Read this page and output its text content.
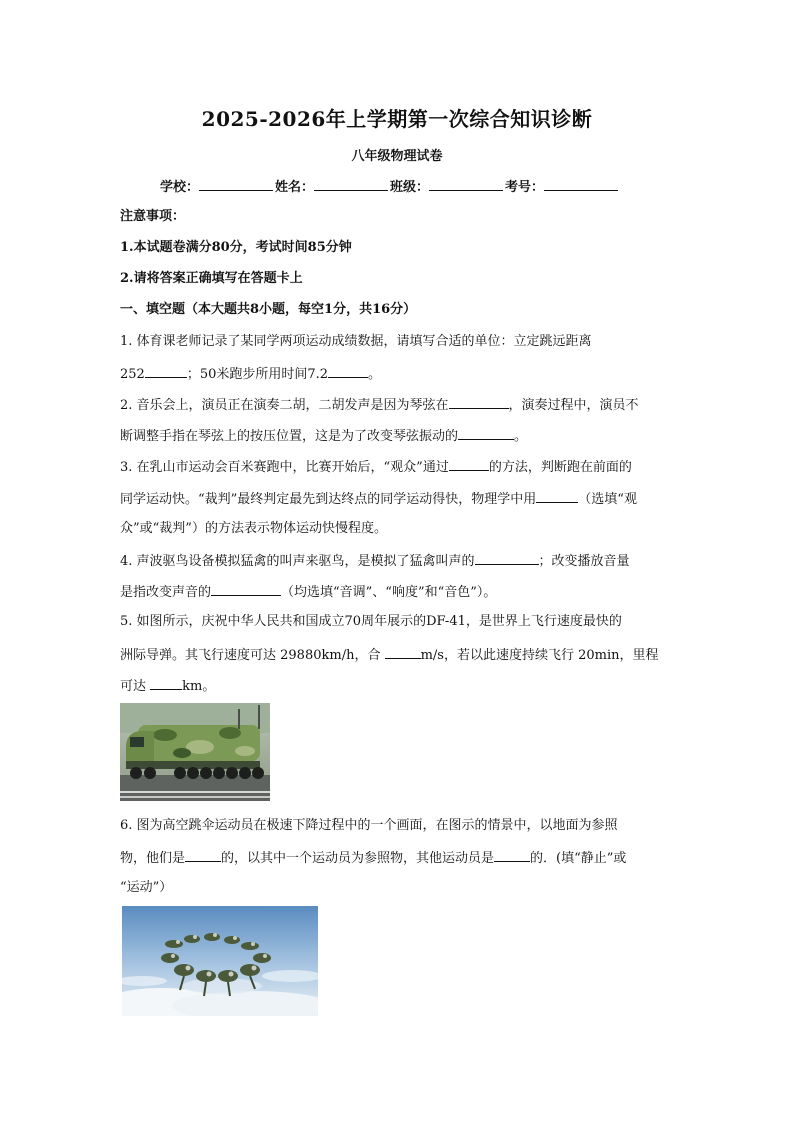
2025-2026年上学期第一次综合知识诊断
八年级物理试卷
学校：	姓名：	班级：	考号：
注意事项：
1.本试题卷满分80分，考试时间85分钟
2.请将答案正确填写在答题卡上
一、填空题（本大题共8小题，每空1分，共16分）
1. 体育课老师记录了某同学两项运动成绩数据，请填写合适的单位：立定跳远距离
252	；50米跑步所用时间7.2	。
2. 音乐会上，演员正在演奏二胡，二胡发声是因为琴弦在	，演奏过程中，演员不
断调整手指在琴弦上的按压位置，这是为了改变琴弦振动的	。
3. 在乳山市运动会百米赛跑中，比赛开始后，“观众”通过	的方法，判断跑在前面的
同学运动快。“裁判”最终判定最先到达终点的同学运动得快，物理学中用	（选填“观
众”或“裁判”）的方法表示物体运动快慢程度。
4. 声波驱鸟设备模拟猛禽的叫声来驱鸟，是模拟了猛禽叫声的	；改变播放音量
是指改变声音的	（均选填“音调”、“响度”和“音色”）。
5. 如图所示，庆祝中华人民共和国成立70周年展示的DF-41，是世界上飞行速度最快的
洲际导弹。其飞行速度可达 29880km/h，合	m/s，若以此速度持续飞行 20min，里程
可达 km。
6. 图为高空跳伞运动员在极速下降过程中的一个画面，在图示的情景中，以地面为参照
物，他们是	的，以其中一个运动员为参照物，其他运动员是	的．(填“静止”或
“运动”）
